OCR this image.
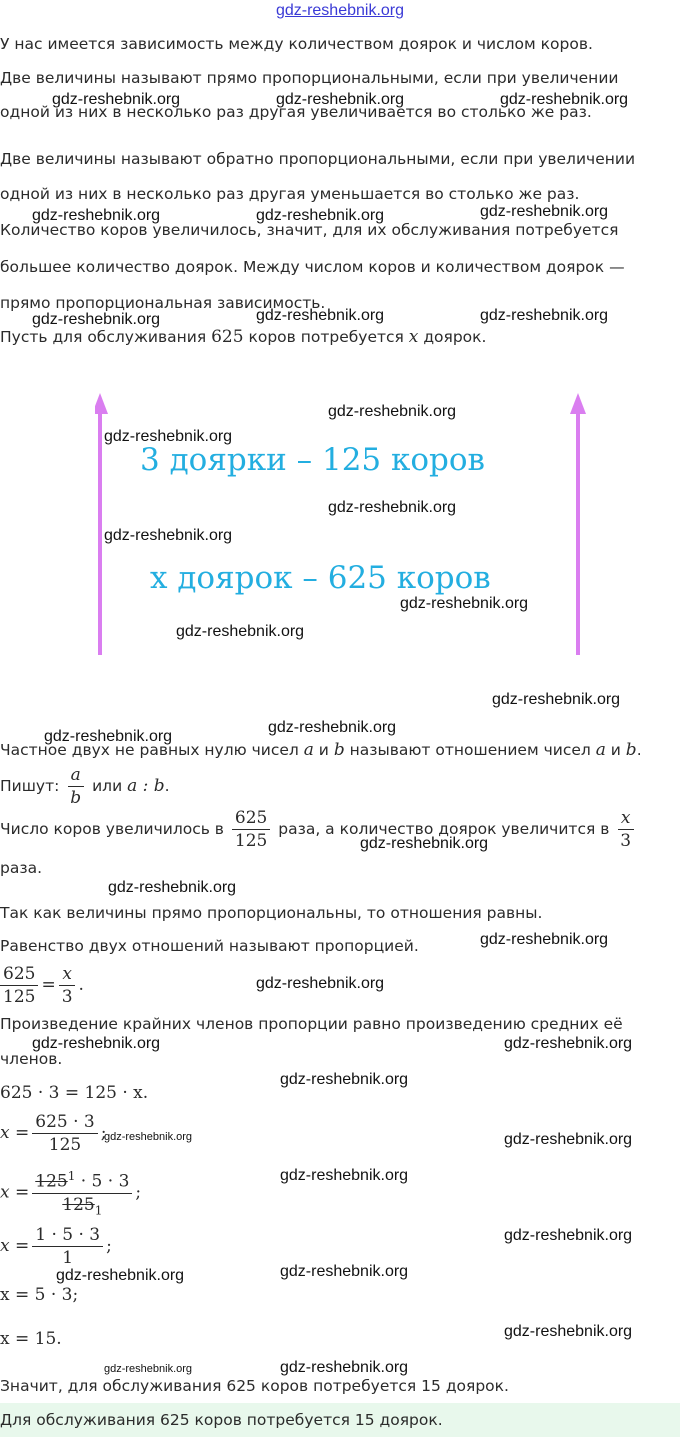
gdz-reshebnik.org
У нас имеется зависимость между количеством доярок и числом коров.
Две величины называют прямо пропорциональными, если при увеличении
одной из них в несколько раз другая увеличивается во столько же раз.
Две величины называют обратно пропорциональными, если при увеличении
одной из них в несколько раз другая уменьшается во столько же раз.
Количество коров увеличилось, значит, для их обслуживания потребуется
большее количество доярок. Между числом коров и количеством доярок —
прямо пропорциональная зависимость.
Пусть для обслуживания 625 коров потребуется x доярок.
3 доярки – 125 коров
x доярок – 625 коров
Частное двух не равных нулю чисел a и b называют отношением чисел a и b.
Пишут: $\frac{a}{b}$ или a : b.
Число коров увеличилось в $\frac{625}{125}$ раза, а количество доярок увеличится в $\frac{x}{3}$
раза.
Так как величины прямо пропорциональны, то отношения равны.
Равенство двух отношений называют пропорцией.
$\frac{625}{125} = \frac{x}{3}$ .
Произведение крайних членов пропорции равно произведению средних её
членов.
625 · 3 = 125 · x.
$x = \frac{625 \cdot 3}{125}$ ;
$x = \frac{125^1 \cdot 5 \cdot 3}{125_1}$ ;
$x = \frac{1 \cdot 5 \cdot 3}{1}$ ;
x = 5 · 3;
x = 15.
Значит, для обслуживания 625 коров потребуется 15 доярок.
Для обслуживания 625 коров потребуется 15 доярок.
gdz-reshebnik.org	gdz-reshebnik.org	gdz-reshebnik.org
gdz-reshebnik.org	gdz-reshebnik.org	gdz-reshebnik.org
gdz-reshebnik.org	gdz-reshebnik.org	gdz-reshebnik.org
gdz-reshebnik.org
gdz-reshebnik.org
gdz-reshebnik.org
gdz-reshebnik.org
gdz-reshebnik.org
gdz-reshebnik.org
gdz-reshebnik.org
gdz-reshebnik.org
gdz-reshebnik.org
gdz-reshebnik.org
gdz-reshebnik.org
gdz-reshebnik.org
gdz-reshebnik.org
gdz-reshebnik.org	gdz-reshebnik.org
gdz-reshebnik.org
gdz-reshebnik.org	gdz-reshebnik.org
gdz-reshebnik.org
gdz-reshebnik.org
gdz-reshebnik.org	gdz-reshebnik.org
gdz-reshebnik.org
gdz-reshebnik.org	gdz-reshebnik.org
